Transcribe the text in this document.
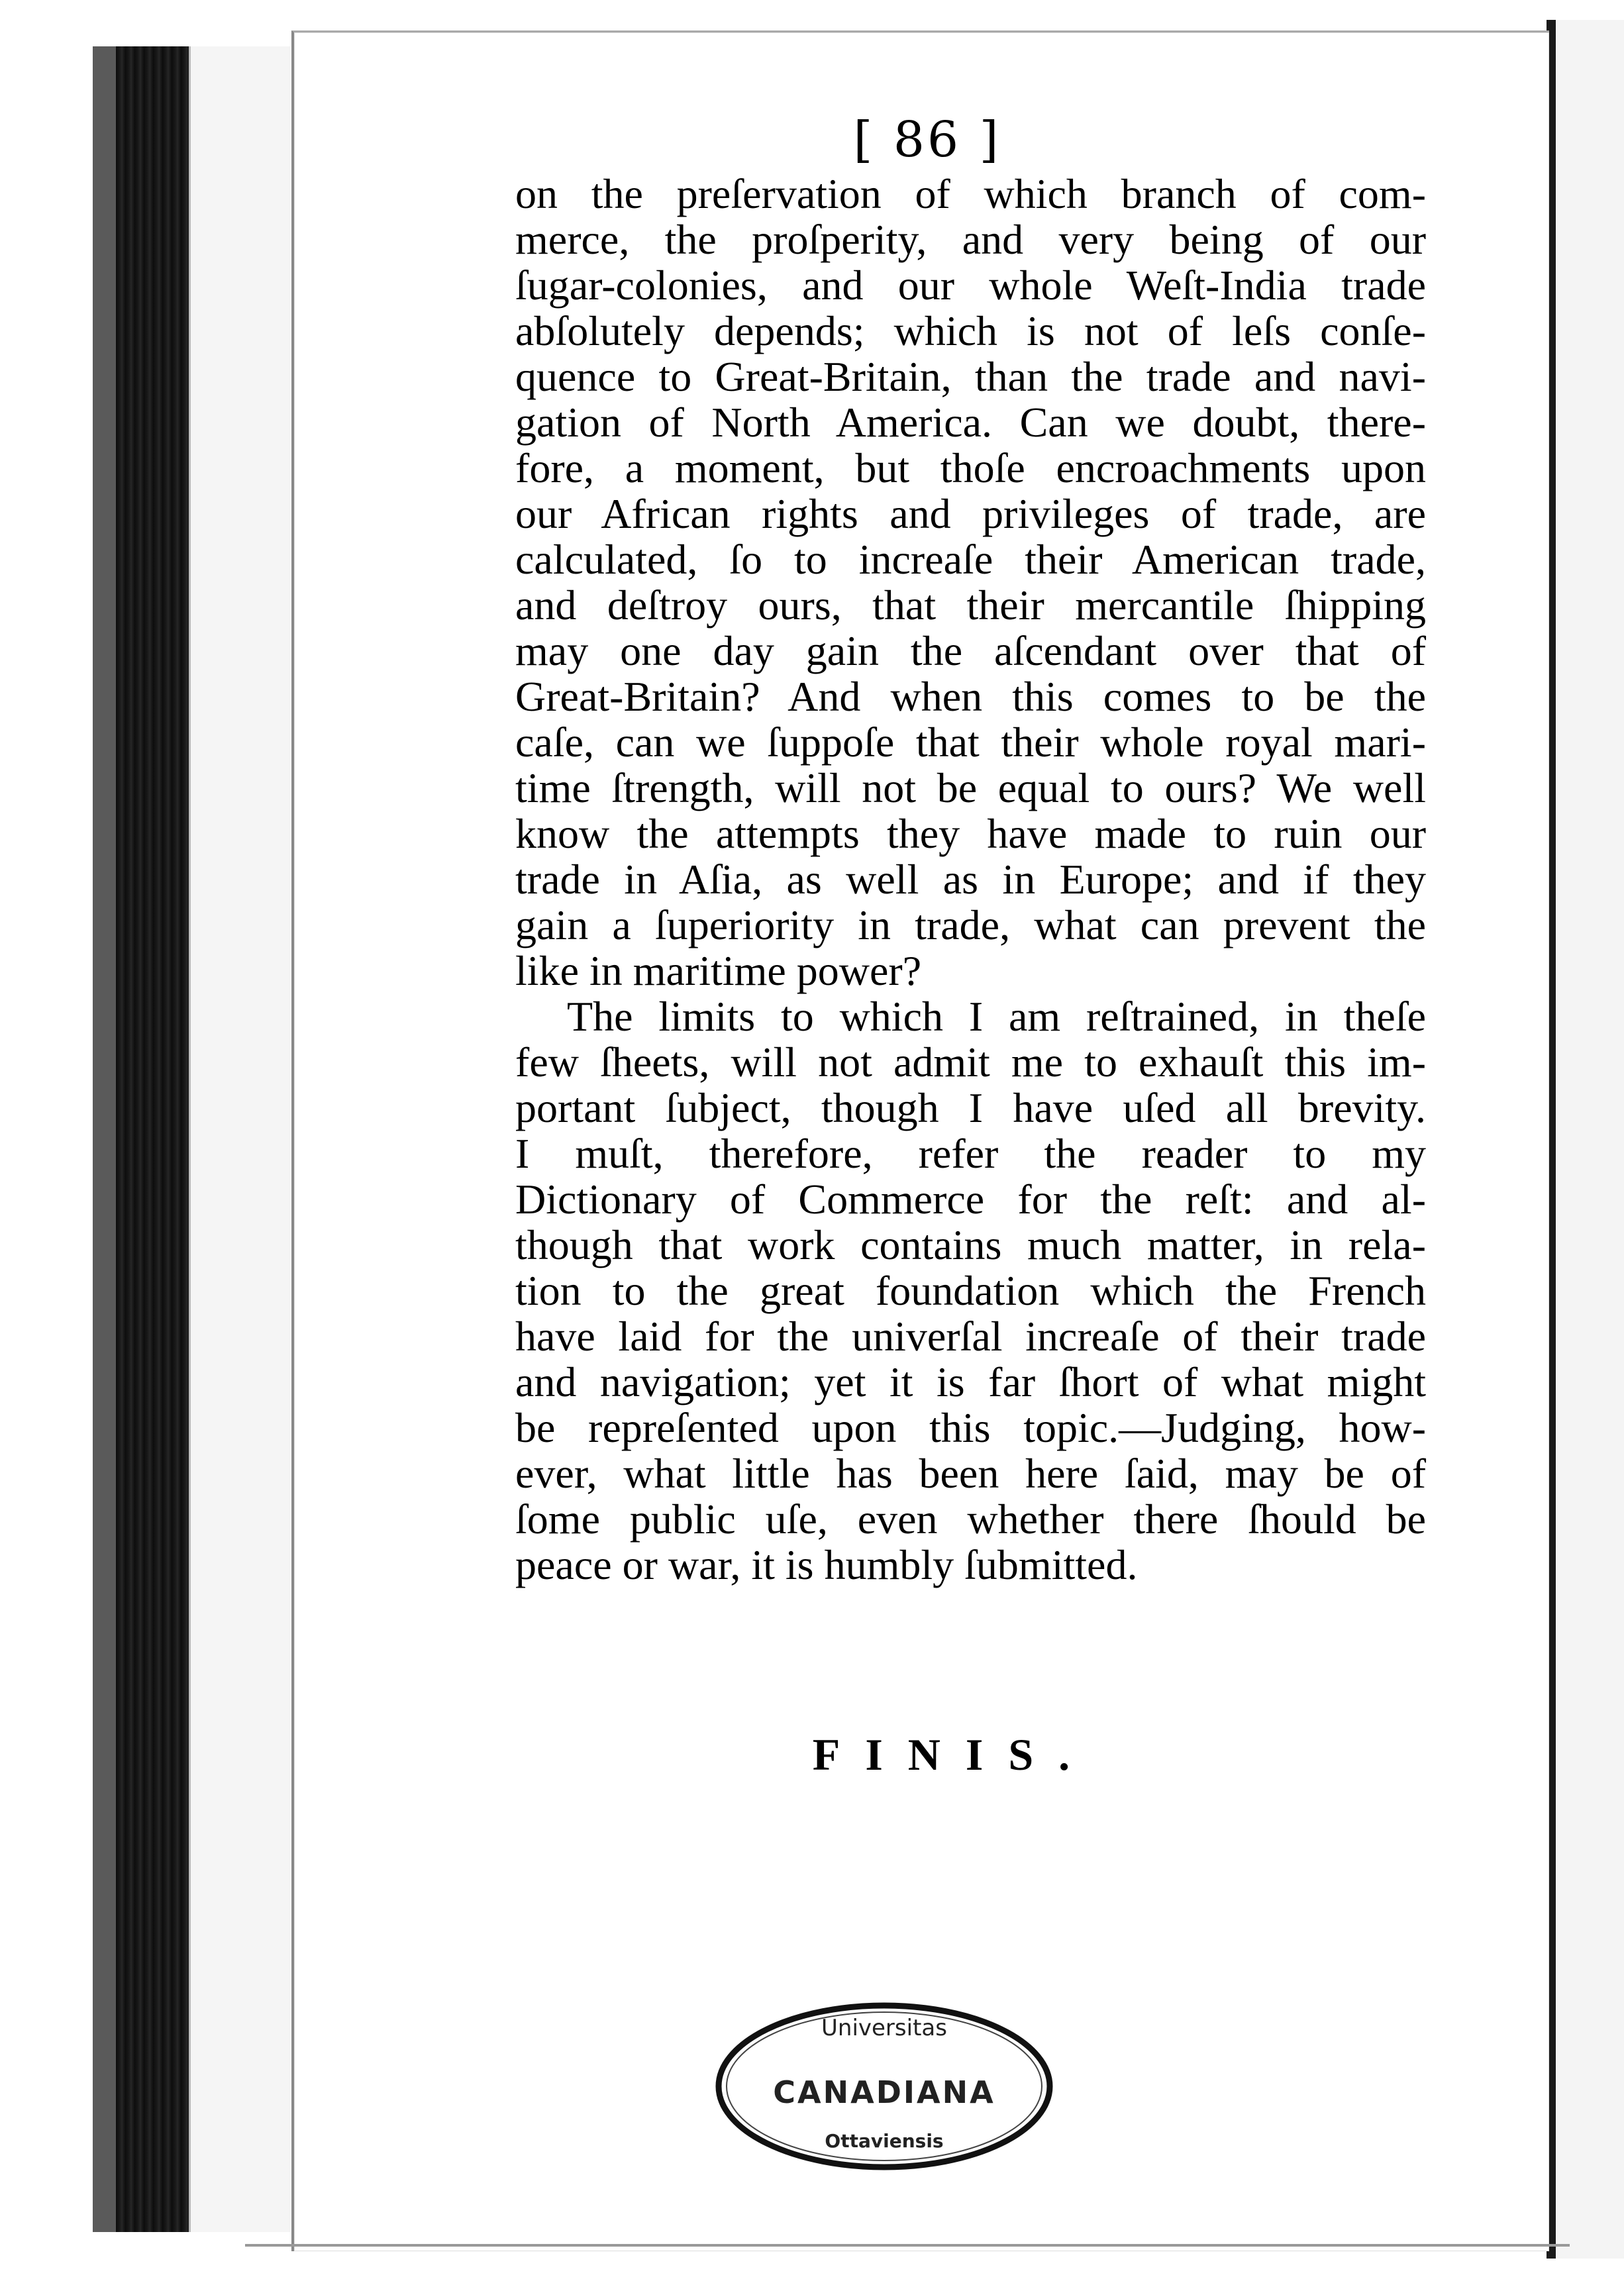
[ 86 ]
on the preſervation of which branch of com-
merce, the proſperity, and very being of our
ſugar-colonies, and our whole Weſt-India trade
abſolutely depends; which is not of leſs conſe-
quence to Great-Britain, than the trade and navi-
gation of North America. Can we doubt, there-
fore, a moment, but thoſe encroachments upon
our African rights and privileges of trade, are
calculated, ſo to increaſe their American trade,
and deſtroy ours, that their mercantile ſhipping
may one day gain the aſcendant over that of
Great-Britain? And when this comes to be the
caſe, can we ſuppoſe that their whole royal mari-
time ſtrength, will not be equal to ours? We well
know the attempts they have made to ruin our
trade in Aſia, as well as in Europe; and if they
gain a ſuperiority in trade, what can prevent the
like in maritime power?
The limits to which I am reſtrained, in theſe
few ſheets, will not admit me to exhauſt this im-
portant ſubject, though I have uſed all brevity.
I muſt, therefore, refer the reader to my
Dictionary of Commerce for the reſt: and al-
though that work contains much matter, in rela-
tion to the great foundation which the French
have laid for the univerſal increaſe of their trade
and navigation; yet it is far ſhort of what might
be repreſented upon this topic.—Judging, how-
ever, what little has been here ſaid, may be of
ſome public uſe, even whether there ſhould be
peace or war, it is humbly ſubmitted.
FINIS.
Universitas
CANADIANA
Ottaviensis
